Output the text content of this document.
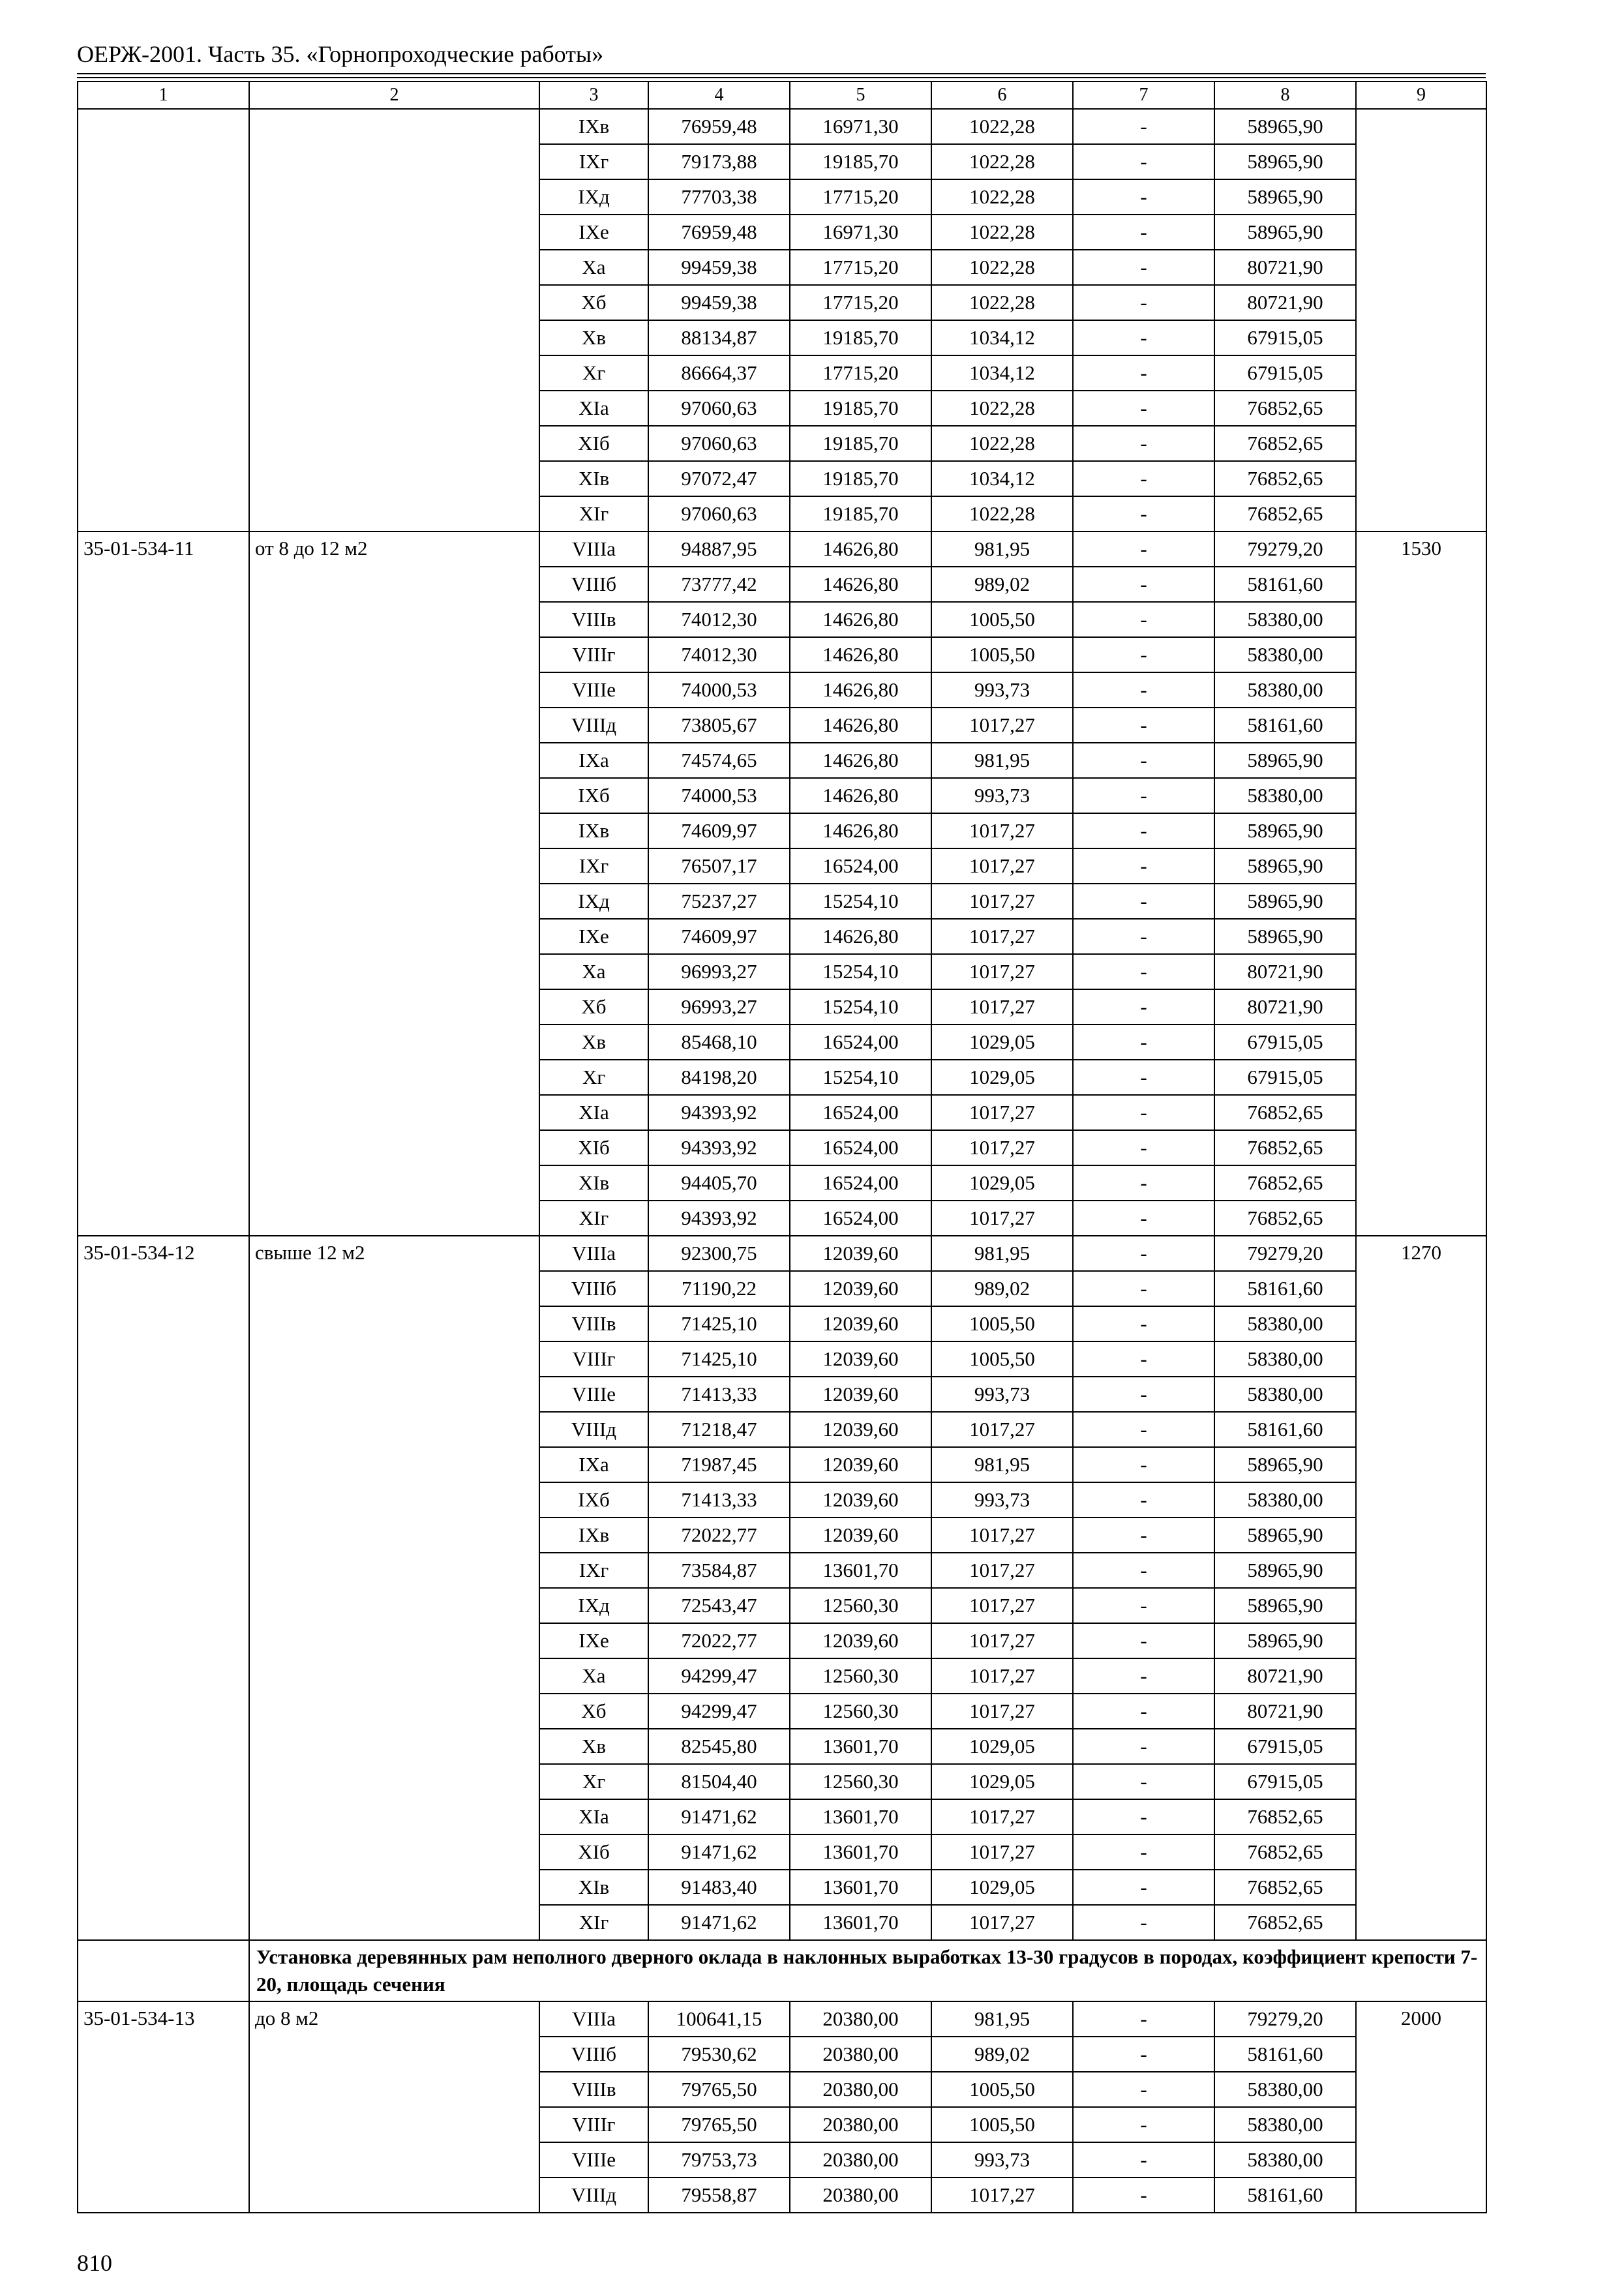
ОЕРЖ-2001. Часть 35. «Горнопроходческие работы»
1	2	3	4	5	6	7	8	9
		IXв	76959,48	16971,30	1022,28	-	58965,90	
		IXг	79173,88	19185,70	1022,28	-	58965,90	
		IXд	77703,38	17715,20	1022,28	-	58965,90	
		IXе	76959,48	16971,30	1022,28	-	58965,90	
		Xа	99459,38	17715,20	1022,28	-	80721,90	
		Xб	99459,38	17715,20	1022,28	-	80721,90	
		Xв	88134,87	19185,70	1034,12	-	67915,05	
		Xг	86664,37	17715,20	1034,12	-	67915,05	
		XIа	97060,63	19185,70	1022,28	-	76852,65	
		XIб	97060,63	19185,70	1022,28	-	76852,65	
		XIв	97072,47	19185,70	1034,12	-	76852,65	
		XIг	97060,63	19185,70	1022,28	-	76852,65	
35-01-534-11	от 8 до 12 м2	VIIIа	94887,95	14626,80	981,95	-	79279,20	1530
		VIIIб	73777,42	14626,80	989,02	-	58161,60	
		VIIIв	74012,30	14626,80	1005,50	-	58380,00	
		VIIIг	74012,30	14626,80	1005,50	-	58380,00	
		VIIIе	74000,53	14626,80	993,73	-	58380,00	
		VIIIд	73805,67	14626,80	1017,27	-	58161,60	
		IXа	74574,65	14626,80	981,95	-	58965,90	
		IXб	74000,53	14626,80	993,73	-	58380,00	
		IXв	74609,97	14626,80	1017,27	-	58965,90	
		IXг	76507,17	16524,00	1017,27	-	58965,90	
		IXд	75237,27	15254,10	1017,27	-	58965,90	
		IXе	74609,97	14626,80	1017,27	-	58965,90	
		Xа	96993,27	15254,10	1017,27	-	80721,90	
		Xб	96993,27	15254,10	1017,27	-	80721,90	
		Xв	85468,10	16524,00	1029,05	-	67915,05	
		Xг	84198,20	15254,10	1029,05	-	67915,05	
		XIа	94393,92	16524,00	1017,27	-	76852,65	
		XIб	94393,92	16524,00	1017,27	-	76852,65	
		XIв	94405,70	16524,00	1029,05	-	76852,65	
		XIг	94393,92	16524,00	1017,27	-	76852,65	
35-01-534-12	свыше 12 м2	VIIIа	92300,75	12039,60	981,95	-	79279,20	1270
		VIIIб	71190,22	12039,60	989,02	-	58161,60	
		VIIIв	71425,10	12039,60	1005,50	-	58380,00	
		VIIIг	71425,10	12039,60	1005,50	-	58380,00	
		VIIIе	71413,33	12039,60	993,73	-	58380,00	
		VIIIд	71218,47	12039,60	1017,27	-	58161,60	
		IXа	71987,45	12039,60	981,95	-	58965,90	
		IXб	71413,33	12039,60	993,73	-	58380,00	
		IXв	72022,77	12039,60	1017,27	-	58965,90	
		IXг	73584,87	13601,70	1017,27	-	58965,90	
		IXд	72543,47	12560,30	1017,27	-	58965,90	
		IXе	72022,77	12039,60	1017,27	-	58965,90	
		Xа	94299,47	12560,30	1017,27	-	80721,90	
		Xб	94299,47	12560,30	1017,27	-	80721,90	
		Xв	82545,80	13601,70	1029,05	-	67915,05	
		Xг	81504,40	12560,30	1029,05	-	67915,05	
		XIа	91471,62	13601,70	1017,27	-	76852,65	
		XIб	91471,62	13601,70	1017,27	-	76852,65	
		XIв	91483,40	13601,70	1029,05	-	76852,65	
		XIг	91471,62	13601,70	1017,27	-	76852,65	
	Установка деревянных рам неполного дверного оклада в наклонных выработках 13-30 градусов в породах, коэффициент крепости 7-20, площадь сечения							
35-01-534-13	до 8 м2	VIIIа	100641,15	20380,00	981,95	-	79279,20	2000
		VIIIб	79530,62	20380,00	989,02	-	58161,60	
		VIIIв	79765,50	20380,00	1005,50	-	58380,00	
		VIIIг	79765,50	20380,00	1005,50	-	58380,00	
		VIIIе	79753,73	20380,00	993,73	-	58380,00	
		VIIIд	79558,87	20380,00	1017,27	-	58161,60	
810
